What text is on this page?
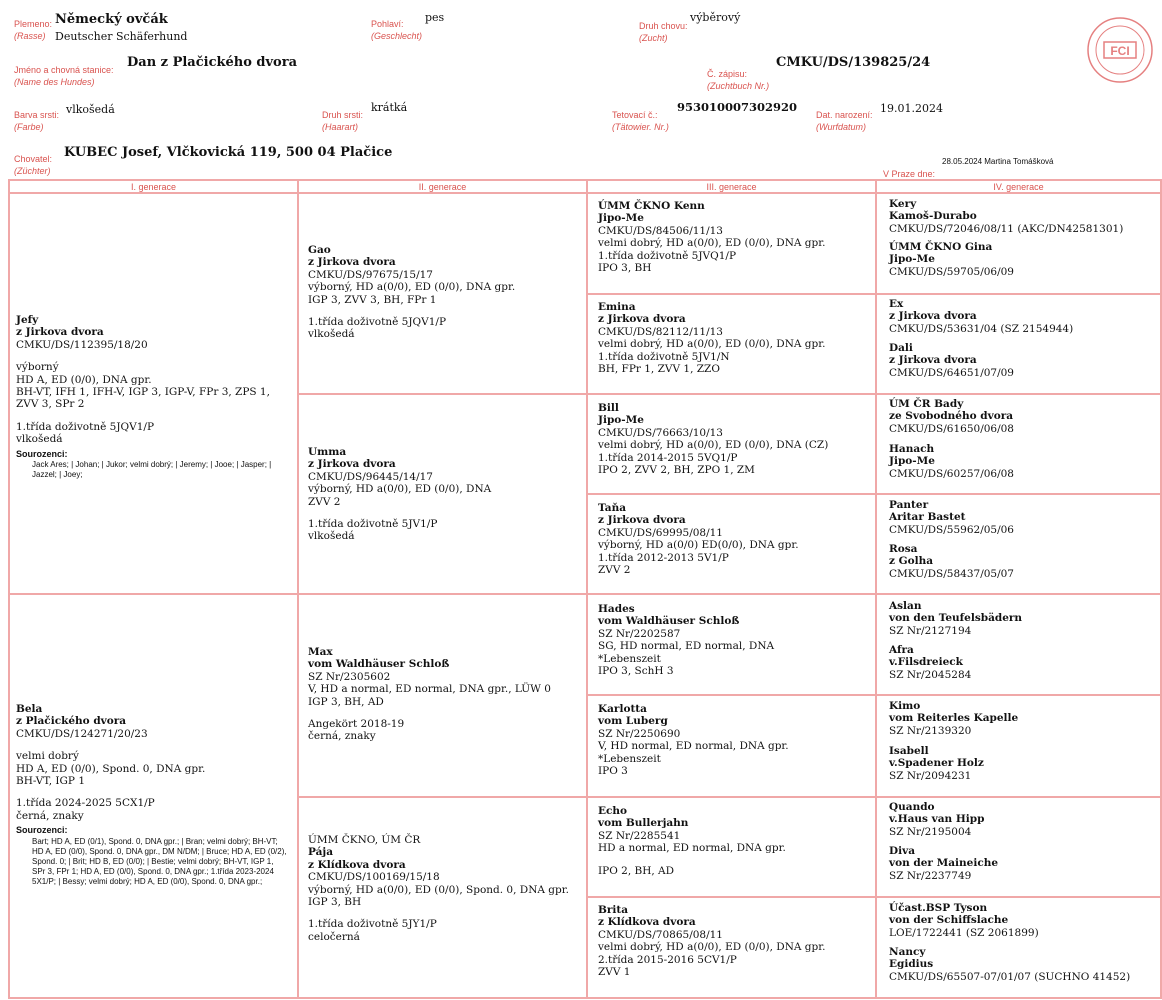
Plemeno:
(Rasse)
Německý ovčák
Deutscher Schäferhund
Pohlaví:
(Geschlecht)
pes
Druh chovu:
(Zucht)
výběrový
Jméno a chovná stanice:
(Name des Hundes)
Dan z Plačického dvora
Č. zápisu:
(Zuchtbuch Nr.)
CMKU/DS/139825/24
Barva srsti:
(Farbe)
vlkošedá	Druh srsti:
(Haarart)
krátká
Tetovací č.:
(Tätowier. Nr.)
953010007302920
Dat. narození:
(Wurfdatum)
19.01.2024
Chovatel:
(Züchter)
KUBEC Josef, Vlčkovická 119, 500 04 Plačice
28.05.2024 Martina Tomášková
V Praze dne:
FCI
I. generace	II. generace	III. generace	IV. generace
Jefy
z Jirkova dvora
CMKU/DS/112395/18/20
výborný
HD A, ED (0/0), DNA gpr.
BH-VT, IFH 1, IFH-V, IGP 3, IGP-V, FPr 3, ZPS 1,
ZVV 3, SPr 2
1.třída doživotně 5JQV1/P
vlkošedá
Sourozenci:
Jack Ares; | Johan; | Jukor; velmi dobrý; | Jeremy; | Jooe; | Jasper; | Jazzel; | Joey;
Bela
z Plačického dvora
CMKU/DS/124271/20/23
velmi dobrý
HD A, ED (0/0), Spond. 0, DNA gpr.
BH-VT, IGP 1
1.třída 2024-2025 5CX1/P
černá, znaky
Sourozenci:
Bart; HD A, ED (0/1), Spond. 0, DNA gpr.; | Bran; velmi dobrý; BH-VT; HD A, ED (0/0), Spond. 0, DNA gpr., DM N/DM; | Bruce; HD A, ED (0/2), Spond. 0; | Brit; HD B, ED (0/0); | Bestie; velmi dobrý; BH-VT, IGP 1, SPr 3, FPr 1; HD A, ED (0/0), Spond. 0, DNA gpr.; 1.třída 2023-2024 5X1/P; | Bessy; velmi dobrý; HD A, ED (0/0), Spond. 0, DNA gpr.;
Gao
z Jirkova dvora
CMKU/DS/97675/15/17
výborný, HD a(0/0), ED (0/0), DNA gpr.
IGP 3, ZVV 3, BH, FPr 1
1.třída doživotně 5JQV1/P
vlkošedá
Umma
z Jirkova dvora
CMKU/DS/96445/14/17
výborný, HD a(0/0), ED (0/0), DNA
ZVV 2
1.třída doživotně 5JV1/P
vlkošedá
Max
vom Waldhäuser Schloß
SZ Nr/2305602
V, HD a normal, ED normal, DNA gpr., LÜW 0
IGP 3, BH, AD
Angekört 2018-19
černá, znaky
ÚMM ČKNO, ÚM ČR
Pája
z Klídkova dvora
CMKU/DS/100169/15/18
výborný, HD a(0/0), ED (0/0), Spond. 0, DNA gpr.
IGP 3, BH
1.třída doživotně 5JY1/P
celočerná
ÚMM ČKNO Kenn
Jipo-Me
CMKU/DS/84506/11/13
velmi dobrý, HD a(0/0), ED (0/0), DNA gpr.
1.třída doživotně 5JVQ1/P
IPO 3, BH
Emina
z Jirkova dvora
CMKU/DS/82112/11/13
velmi dobrý, HD a(0/0), ED (0/0), DNA gpr.
1.třída doživotně 5JV1/N
BH, FPr 1, ZVV 1, ZZO
Bill
Jipo-Me
CMKU/DS/76663/10/13
velmi dobrý, HD a(0/0), ED (0/0), DNA (CZ)
1.třída 2014-2015 5VQ1/P
IPO 2, ZVV 2, BH, ZPO 1, ZM
Taňa
z Jirkova dvora
CMKU/DS/69995/08/11
výborný, HD a(0/0) ED(0/0), DNA gpr.
1.třída 2012-2013 5V1/P
ZVV 2
Hades
vom Waldhäuser Schloß
SZ Nr/2202587
SG, HD normal, ED normal, DNA
*Lebenszeit
IPO 3, SchH 3
Karlotta
vom Luberg
SZ Nr/2250690
V, HD normal, ED normal, DNA gpr.
*Lebenszeit
IPO 3
Echo
vom Bullerjahn
SZ Nr/2285541
HD a normal, ED normal, DNA gpr.
IPO 2, BH, AD
Brita
z Klídkova dvora
CMKU/DS/70865/08/11
velmi dobrý, HD a(0/0), ED (0/0), DNA gpr.
2.třída 2015-2016 5CV1/P
ZVV 1
Kery
Kamoš-Durabo
CMKU/DS/72046/08/11 (AKC/DN42581301)
ÚMM ČKNO Gina
Jipo-Me
CMKU/DS/59705/06/09
Ex
z Jirkova dvora
CMKU/DS/53631/04 (SZ 2154944)
Dali
z Jirkova dvora
CMKU/DS/64651/07/09
ÚM ČR Bady
ze Svobodného dvora
CMKU/DS/61650/06/08
Hanach
Jipo-Me
CMKU/DS/60257/06/08
Panter
Aritar Bastet
CMKU/DS/55962/05/06
Rosa
z Golha
CMKU/DS/58437/05/07
Aslan
von den Teufelsbädern
SZ Nr/2127194
Afra
v.Filsdreieck
SZ Nr/2045284
Kimo
vom Reiterles Kapelle
SZ Nr/2139320
Isabell
v.Spadener Holz
SZ Nr/2094231
Quando
v.Haus van Hipp
SZ Nr/2195004
Diva
von der Maineiche
SZ Nr/2237749
Účast.BSP Tyson
von der Schiffslache
LOE/1722441 (SZ 2061899)
Nancy
Egidius
CMKU/DS/65507-07/01/07 (SUCHNO 41452)
